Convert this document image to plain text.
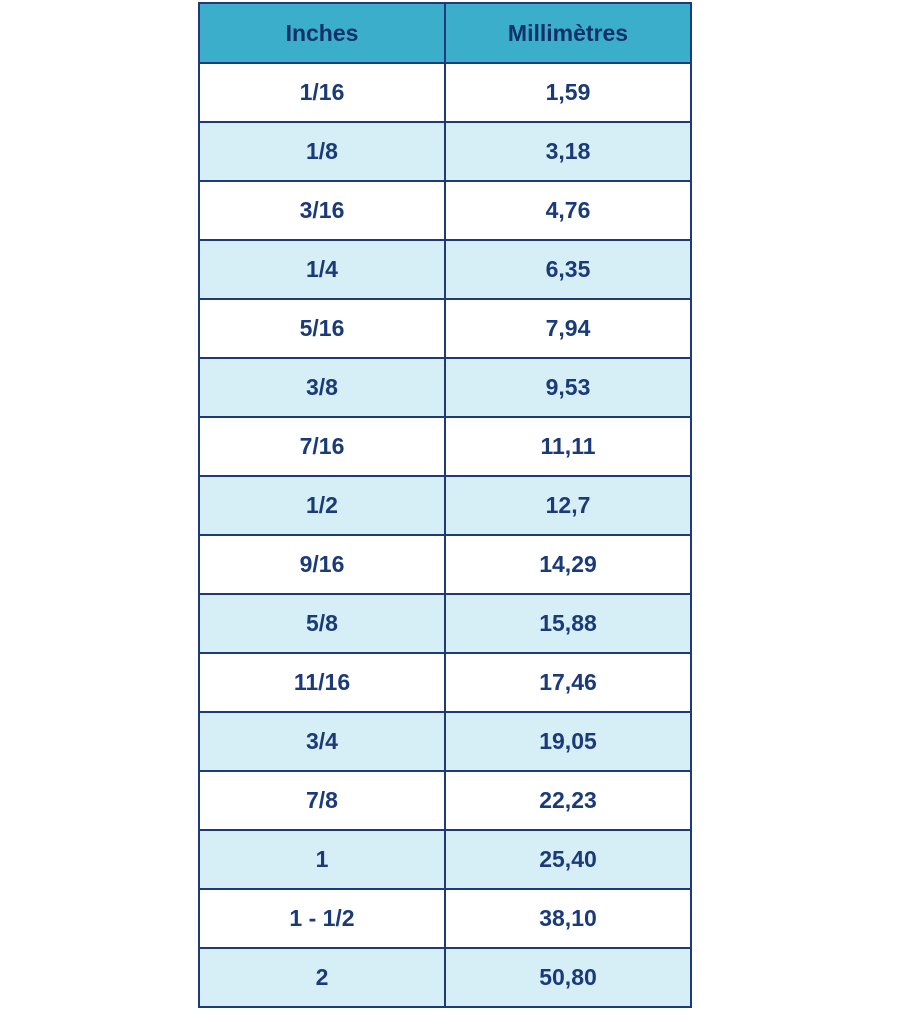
Inches	Millimètres
1/16	1,59
1/8	3,18
3/16	4,76
1/4	6,35
5/16	7,94
3/8	9,53
7/16	11,11
1/2	12,7
9/16	14,29
5/8	15,88
11/16	17,46
3/4	19,05
7/8	22,23
1	25,40
1 - 1/2	38,10
2	50,80
